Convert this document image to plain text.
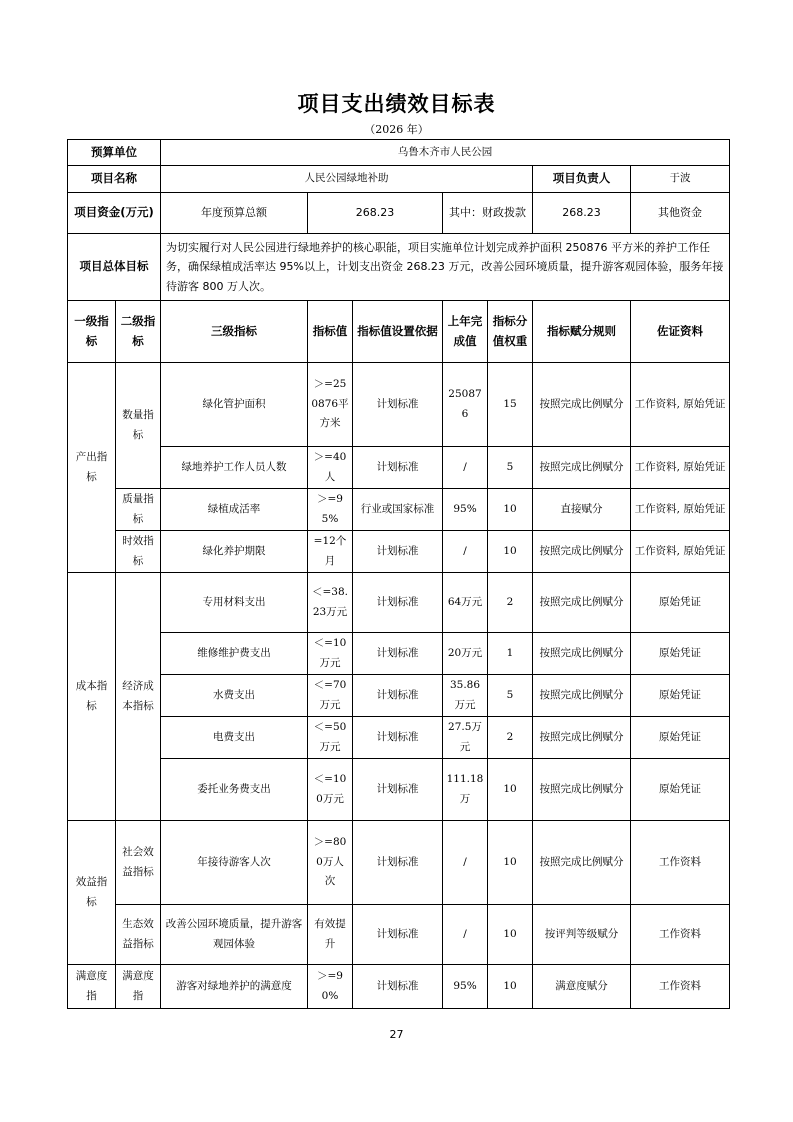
项目支出绩效目标表
（2026 年）
预算单位		乌鲁木齐市人民公园						
项目名称		人民公园绿地补助					项目负责人	于波
项目资金(万元)		年度预算总额	268.23		其中：财政拨款		268.23	其他资金
项目总体目标		为切实履行对人民公园进行绿地养护的核心职能，项目实施单位计划完成养护面积 250876 平方米的养护工作任务，确保绿植成活率达 95%以上，计划支出资金 268.23 万元，改善公园环境质量，提升游客观园体验，服务年接待游客 800 万人次。						
一级指标	二级指标	三级指标	指标值	指标值设置依据	上年完成值	指标分值权重	指标赋分规则	佐证资料
产出指标	数量指标	绿化管护面积	＞=250876平方米	计划标准	250876	15	按照完成比例赋分	工作资料, 原始凭证
		绿地养护工作人员人数	＞=40人	计划标准	/	5	按照完成比例赋分	工作资料, 原始凭证
	质量指标	绿植成活率	＞=95%	行业或国家标准	95%	10	直接赋分	工作资料, 原始凭证
	时效指标	绿化养护期限	=12个月	计划标准	/	10	按照完成比例赋分	工作资料, 原始凭证
成本指标	经济成本指标	专用材料支出	＜=38.23万元	计划标准	64万元	2	按照完成比例赋分	原始凭证
		维修维护费支出	＜=10万元	计划标准	20万元	1	按照完成比例赋分	原始凭证
		水费支出	＜=70万元	计划标准	35.86万元	5	按照完成比例赋分	原始凭证
		电费支出	＜=50万元	计划标准	27.5万元	2	按照完成比例赋分	原始凭证
		委托业务费支出	＜=100万元	计划标准	111.18万	10	按照完成比例赋分	原始凭证
效益指标	社会效益指标	年接待游客人次	＞=800万人次	计划标准	/	10	按照完成比例赋分	工作资料
	生态效益指标	改善公园环境质量，提升游客观园体验	有效提升	计划标准	/	10	按评判等级赋分	工作资料
满意度指	满意度指	游客对绿地养护的满意度	＞=90%	计划标准	95%	10	满意度赋分	工作资料
27
